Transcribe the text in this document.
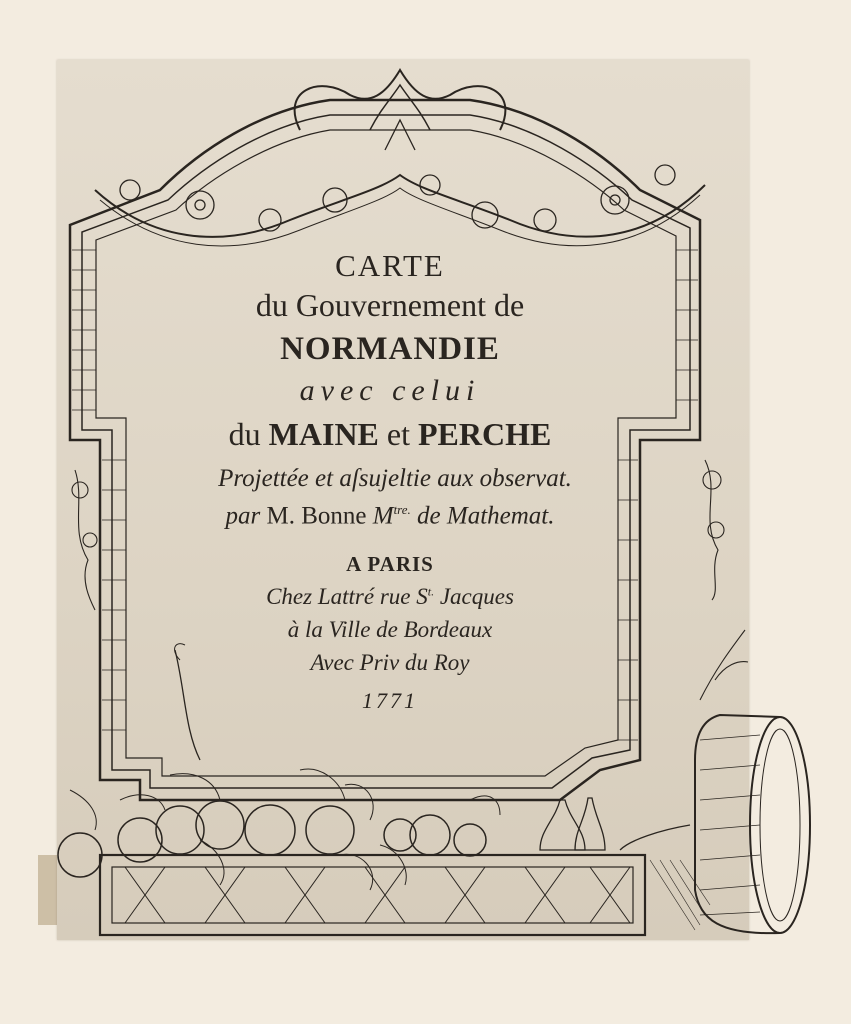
CARTE
du Gouvernement de
NORMANDIE
avec celui
du MAINE et PERCHE
Projettée et aſsujeltie aux observat.
par M. Bonne $M^{tre.}$ de Mathemat.
A PARIS
Chez Lattré rue $S^{t.}$ Jacques
à la Ville de Bordeaux
Avec Priv du Roy
1771
